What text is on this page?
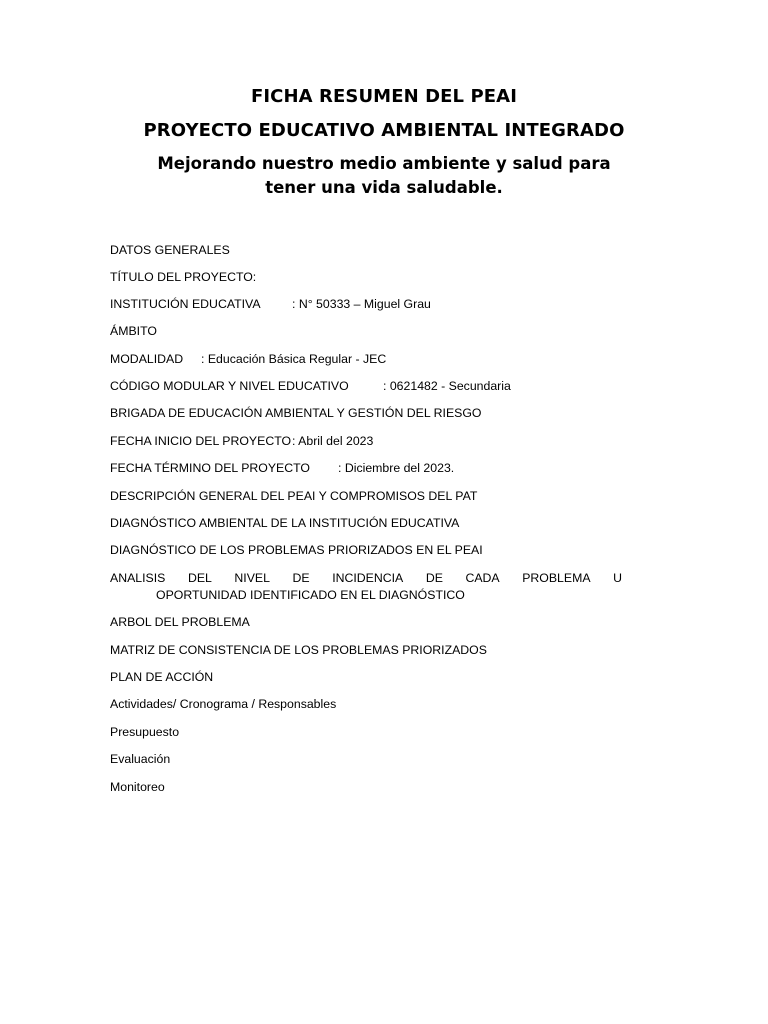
FICHA RESUMEN DEL PEAI
PROYECTO EDUCATIVO AMBIENTAL INTEGRADO
Mejorando nuestro medio ambiente y salud para
tener una vida saludable.
DATOS GENERALES
TÍTULO DEL PROYECTO:
INSTITUCIÓN EDUCATIVA	: N° 50333 – Miguel Grau
ÁMBITO
MODALIDAD : Educación Básica Regular - JEC
CÓDIGO MODULAR Y NIVEL EDUCATIVO	: 0621482 - Secundaria
BRIGADA DE EDUCACIÓN AMBIENTAL Y GESTIÓN DEL RIESGO
FECHA INICIO DEL PROYECTO : Abril del 2023
FECHA TÉRMINO DEL PROYECTO : Diciembre del 2023.
DESCRIPCIÓN GENERAL DEL PEAI Y COMPROMISOS DEL PAT
DIAGNÓSTICO AMBIENTAL DE LA INSTITUCIÓN EDUCATIVA
DIAGNÓSTICO DE LOS PROBLEMAS PRIORIZADOS EN EL PEAI
ANALISIS DEL NIVEL DE INCIDENCIA DE CADA PROBLEMA U
OPORTUNIDAD IDENTIFICADO EN EL DIAGNÓSTICO
ARBOL DEL PROBLEMA
MATRIZ DE CONSISTENCIA DE LOS PROBLEMAS PRIORIZADOS
PLAN DE ACCIÓN
Actividades/ Cronograma / Responsables
Presupuesto
Evaluación
Monitoreo
